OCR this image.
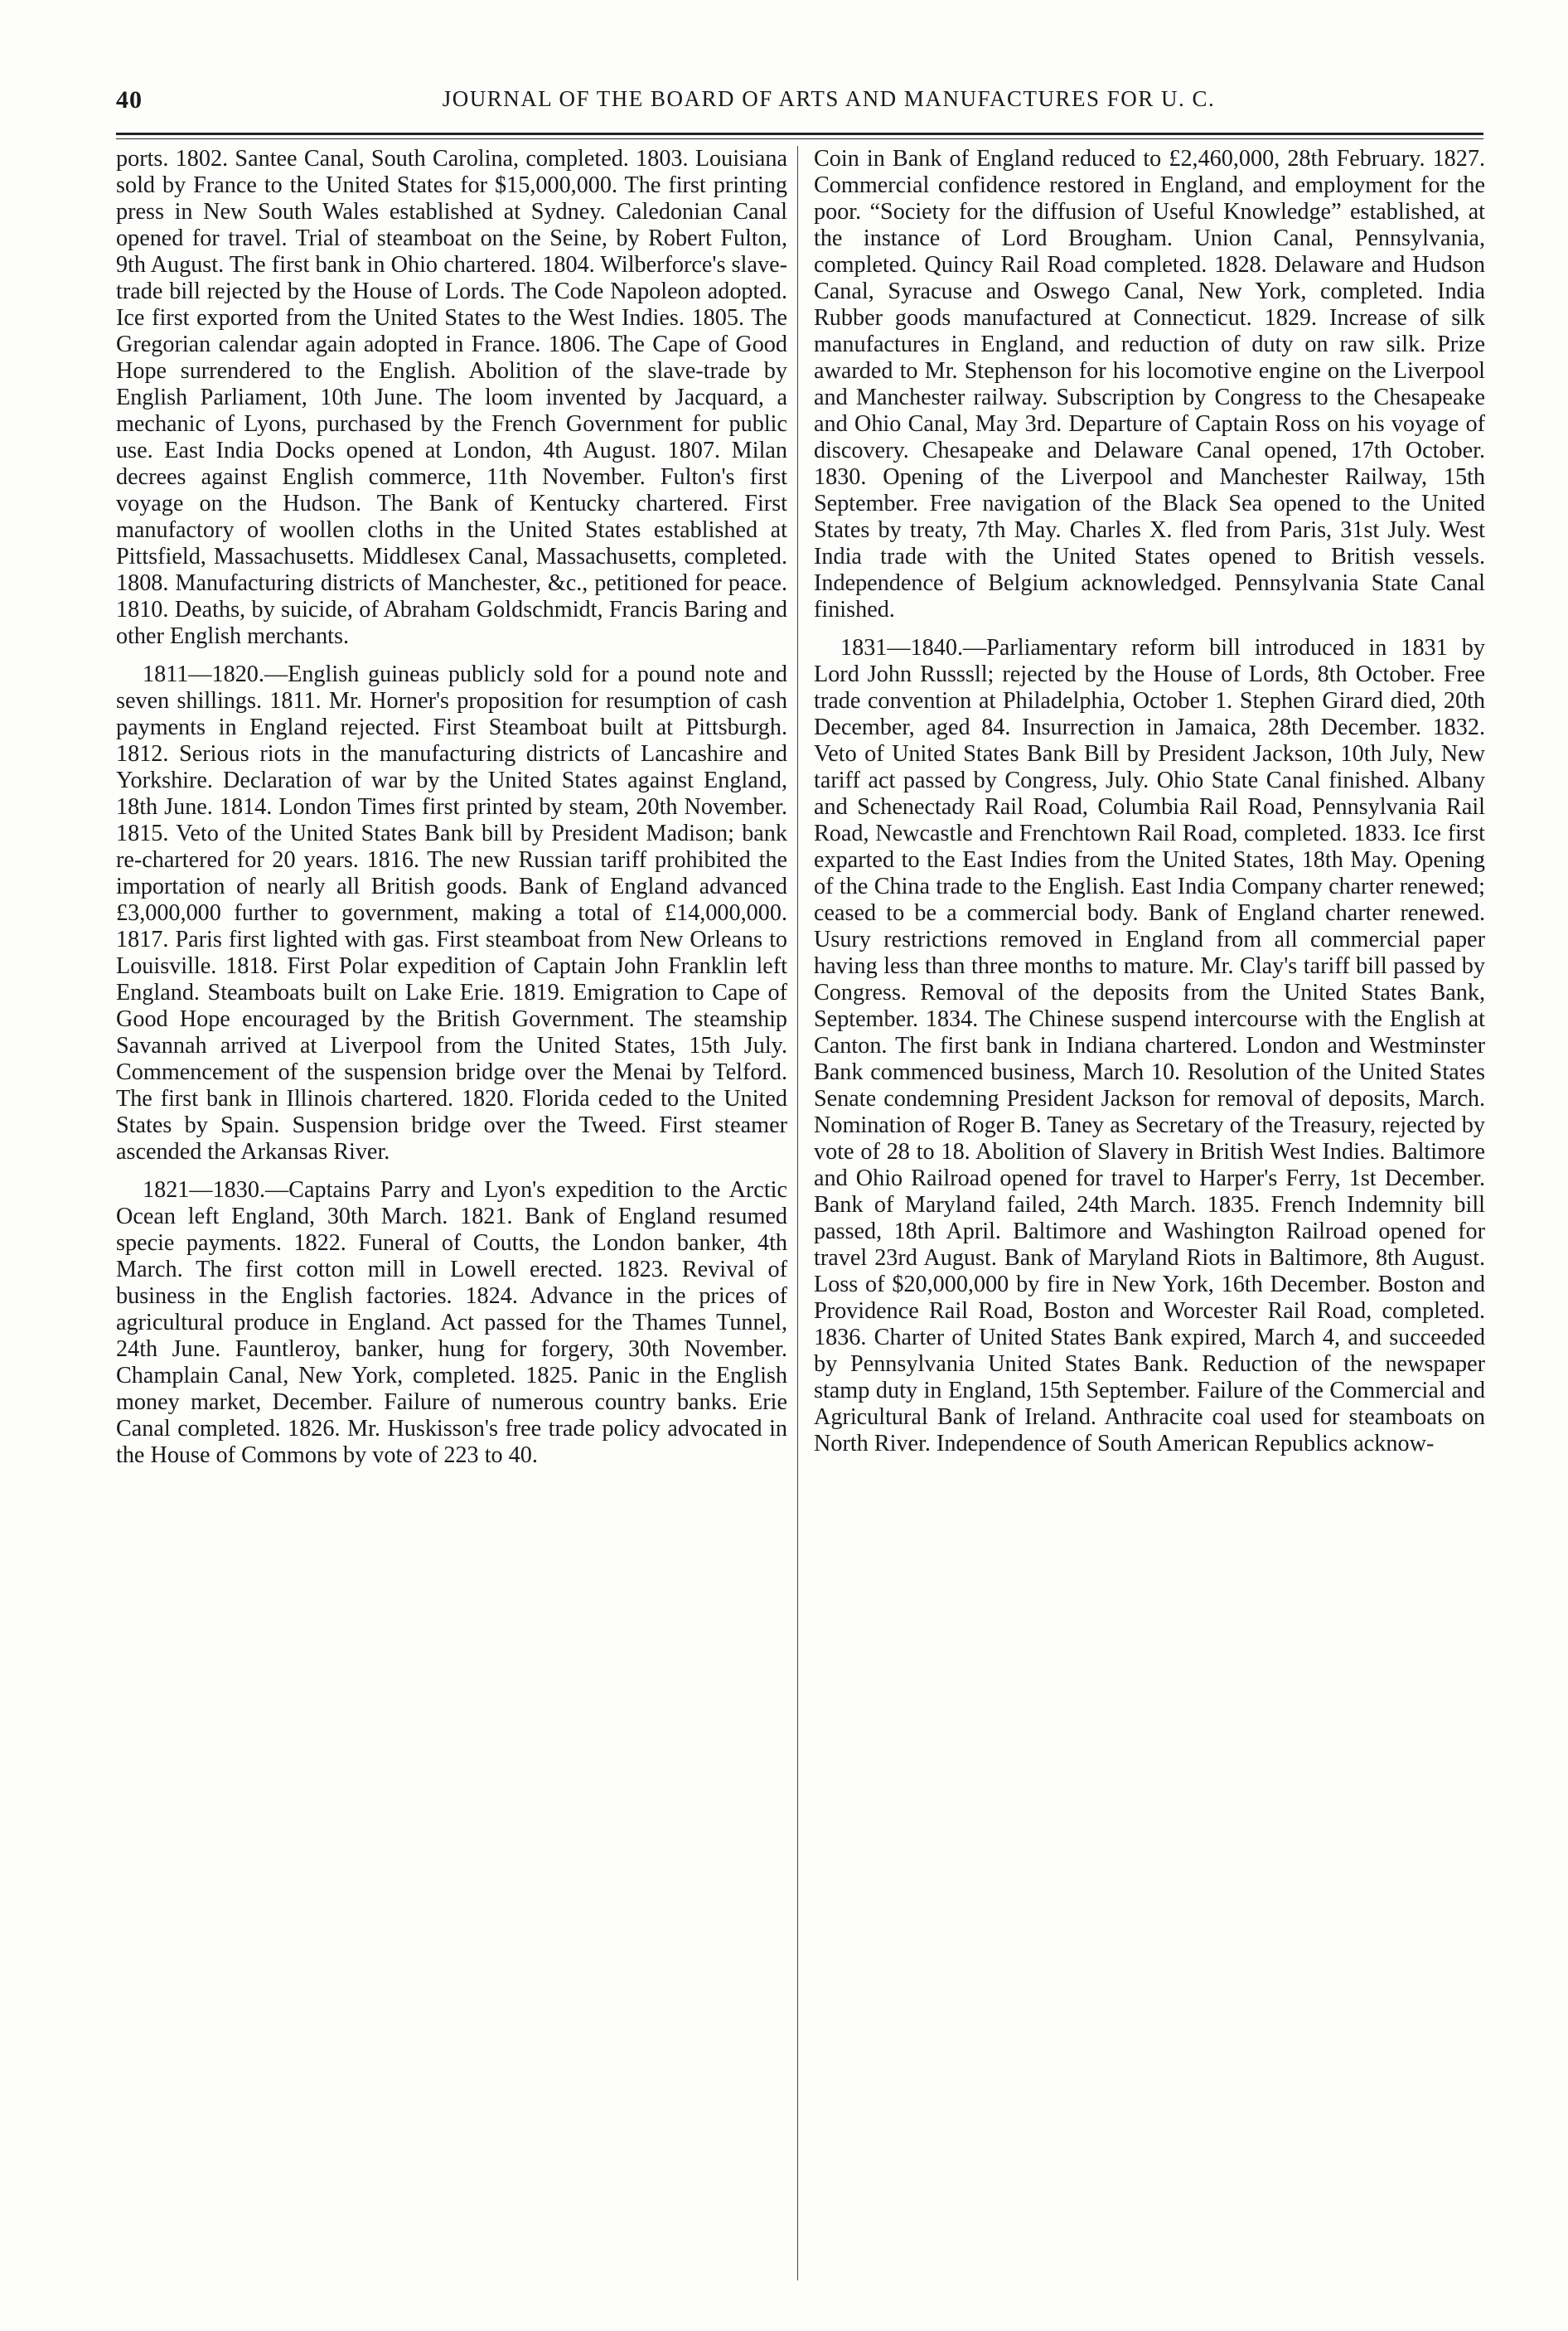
40	JOURNAL OF THE BOARD OF ARTS AND MANUFACTURES FOR U. C.

ports. 1802. Santee Canal, South Carolina, completed. 1803. Louisiana sold by France to the United States for $15,000,000. The first printing press in New South Wales established at Sydney. Caledonian Canal opened for travel. Trial of steamboat on the Seine, by Robert Fulton, 9th August. The first bank in Ohio chartered. 1804. Wilberforce's slave-trade bill rejected by the House of Lords. The Code Napoleon adopted. Ice first exported from the United States to the West Indies. 1805. The Gregorian calendar again adopted in France. 1806. The Cape of Good Hope surrendered to the English. Abolition of the slave-trade by English Parliament, 10th June. The loom invented by Jacquard, a mechanic of Lyons, purchased by the French Government for public use. East India Docks opened at London, 4th August. 1807. Milan decrees against English commerce, 11th November. Fulton's first voyage on the Hudson. The Bank of Kentucky chartered. First manufactory of woollen cloths in the United States established at Pittsfield, Massachusetts. Middlesex Canal, Massachusetts, completed. 1808. Manufacturing districts of Manchester, &c., petitioned for peace. 1810. Deaths, by suicide, of Abraham Goldschmidt, Francis Baring and other English merchants.

1811—1820.—English guineas publicly sold for a pound note and seven shillings. 1811. Mr. Horner's proposition for resumption of cash payments in England rejected. First Steamboat built at Pittsburgh. 1812. Serious riots in the manufacturing districts of Lancashire and Yorkshire. Declaration of war by the United States against England, 18th June. 1814. London Times first printed by steam, 20th November. 1815. Veto of the United States Bank bill by President Madison; bank re-chartered for 20 years. 1816. The new Russian tariff prohibited the importation of nearly all British goods. Bank of England advanced £3,000,000 further to government, making a total of £14,000,000. 1817. Paris first lighted with gas. First steamboat from New Orleans to Louisville. 1818. First Polar expedition of Captain John Franklin left England. Steamboats built on Lake Erie. 1819. Emigration to Cape of Good Hope encouraged by the British Government. The steamship Savannah arrived at Liverpool from the United States, 15th July. Commencement of the suspension bridge over the Menai by Telford. The first bank in Illinois chartered. 1820. Florida ceded to the United States by Spain. Suspension bridge over the Tweed. First steamer ascended the Arkansas River.

1821—1830.—Captains Parry and Lyon's expedition to the Arctic Ocean left England, 30th March. 1821. Bank of England resumed specie payments. 1822. Funeral of Coutts, the London banker, 4th March. The first cotton mill in Lowell erected. 1823. Revival of business in the English factories. 1824. Advance in the prices of agricultural produce in England. Act passed for the Thames Tunnel, 24th June. Fauntleroy, banker, hung for forgery, 30th November. Champlain Canal, New York, completed. 1825. Panic in the English money market, December. Failure of numerous country banks. Erie Canal completed. 1826. Mr. Huskisson's free trade policy advocated in the House of Commons by vote of 223 to 40.

Coin in Bank of England reduced to £2,460,000, 28th February. 1827. Commercial confidence restored in England, and employment for the poor. “Society for the diffusion of Useful Knowledge” established, at the instance of Lord Brougham. Union Canal, Pennsylvania, completed. Quincy Rail Road completed. 1828. Delaware and Hudson Canal, Syracuse and Oswego Canal, New York, completed. India Rubber goods manufactured at Connecticut. 1829. Increase of silk manufactures in England, and reduction of duty on raw silk. Prize awarded to Mr. Stephenson for his locomotive engine on the Liverpool and Manchester railway. Subscription by Congress to the Chesapeake and Ohio Canal, May 3rd. Departure of Captain Ross on his voyage of discovery. Chesapeake and Delaware Canal opened, 17th October. 1830. Opening of the Liverpool and Manchester Railway, 15th September. Free navigation of the Black Sea opened to the United States by treaty, 7th May. Charles X. fled from Paris, 31st July. West India trade with the United States opened to British vessels. Independence of Belgium acknowledged. Pennsylvania State Canal finished.

1831—1840.—Parliamentary reform bill introduced in 1831 by Lord John Russsll; rejected by the House of Lords, 8th October. Free trade convention at Philadelphia, October 1. Stephen Girard died, 20th December, aged 84. Insurrection in Jamaica, 28th December. 1832. Veto of United States Bank Bill by President Jackson, 10th July, New tariff act passed by Congress, July. Ohio State Canal finished. Albany and Schenectady Rail Road, Columbia Rail Road, Pennsylvania Rail Road, Newcastle and Frenchtown Rail Road, completed. 1833. Ice first exparted to the East Indies from the United States, 18th May. Opening of the China trade to the English. East India Company charter renewed; ceased to be a commercial body. Bank of England charter renewed. Usury restrictions removed in England from all commercial paper having less than three months to mature. Mr. Clay's tariff bill passed by Congress. Removal of the deposits from the United States Bank, September. 1834. The Chinese suspend intercourse with the English at Canton. The first bank in Indiana chartered. London and Westminster Bank commenced business, March 10. Resolution of the United States Senate condemning President Jackson for removal of deposits, March. Nomination of Roger B. Taney as Secretary of the Treasury, rejected by vote of 28 to 18. Abolition of Slavery in British West Indies. Baltimore and Ohio Railroad opened for travel to Harper's Ferry, 1st December. Bank of Maryland failed, 24th March. 1835. French Indemnity bill passed, 18th April. Baltimore and Washington Railroad opened for travel 23rd August. Bank of Maryland Riots in Baltimore, 8th August. Loss of $20,000,000 by fire in New York, 16th December. Boston and Providence Rail Road, Boston and Worcester Rail Road, completed. 1836. Charter of United States Bank expired, March 4, and succeeded by Pennsylvania United States Bank. Reduction of the newspaper stamp duty in England, 15th September. Failure of the Commercial and Agricultural Bank of Ireland. Anthracite coal used for steamboats on North River. Independence of South American Republics acknow-
